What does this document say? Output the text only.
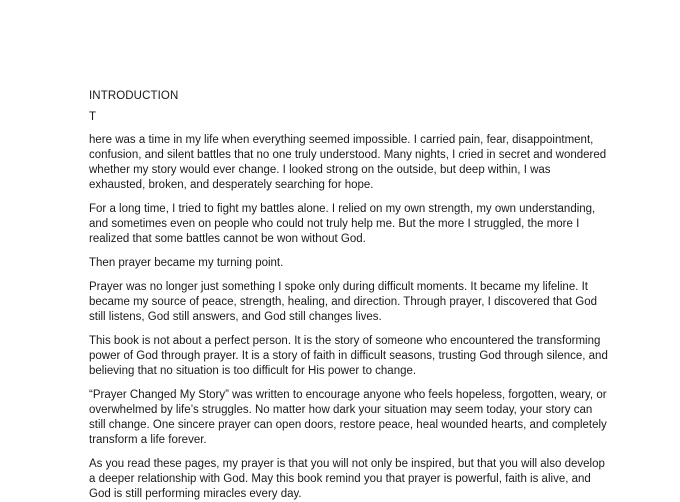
INTRODUCTION
T

here was a time in my life when everything seemed impossible. I carried pain, fear, disappointment, confusion, and silent battles that no one truly understood. Many nights, I cried in secret and wondered whether my story would ever change. I looked strong on the outside, but deep within, I was exhausted, broken, and desperately searching for hope.

For a long time, I tried to fight my battles alone. I relied on my own strength, my own understanding, and sometimes even on people who could not truly help me. But the more I struggled, the more I realized that some battles cannot be won without God.

Then prayer became my turning point.

Prayer was no longer just something I spoke only during difficult moments. It became my lifeline. It became my source of peace, strength, healing, and direction. Through prayer, I discovered that God still listens, God still answers, and God still changes lives.

This book is not about a perfect person. It is the story of someone who encountered the transforming power of God through prayer. It is a story of faith in difficult seasons, trusting God through silence, and believing that no situation is too difficult for His power to change.

“Prayer Changed My Story” was written to encourage anyone who feels hopeless, forgotten, weary, or overwhelmed by life’s struggles. No matter how dark your situation may seem today, your story can still change. One sincere prayer can open doors, restore peace, heal wounded hearts, and completely transform a life forever.

As you read these pages, my prayer is that you will not only be inspired, but that you will also develop a deeper relationship with God. May this book remind you that prayer is powerful, faith is alive, and God is still performing miracles every day.
